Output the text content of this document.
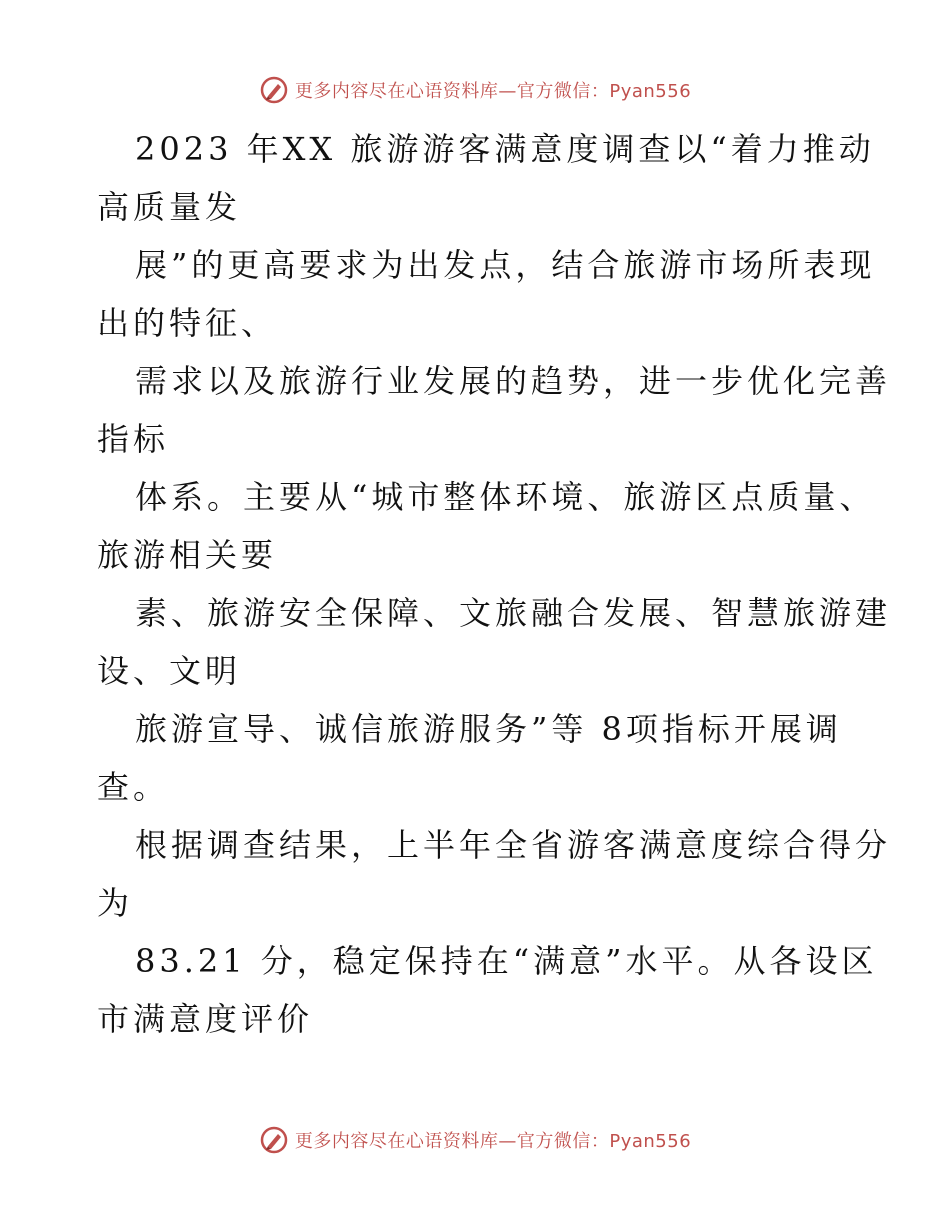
更多内容尽在心语资料库—官方微信：Pyan556
2023 年XX 旅游游客满意度调查以“着力推动
高质量发
展”的更高要求为出发点，结合旅游市场所表现
出的特征、
需求以及旅游行业发展的趋势，进一步优化完善
指标
体系。主要从“城市整体环境、旅游区点质量、
旅游相关要
素、旅游安全保障、文旅融合发展、智慧旅游建
设、文明
旅游宣导、诚信旅游服务”等 8项指标开展调
查。
根据调查结果，上半年全省游客满意度综合得分
为
83.21 分，稳定保持在“满意”水平。从各设区
市满意度评价
更多内容尽在心语资料库—官方微信：Pyan556
